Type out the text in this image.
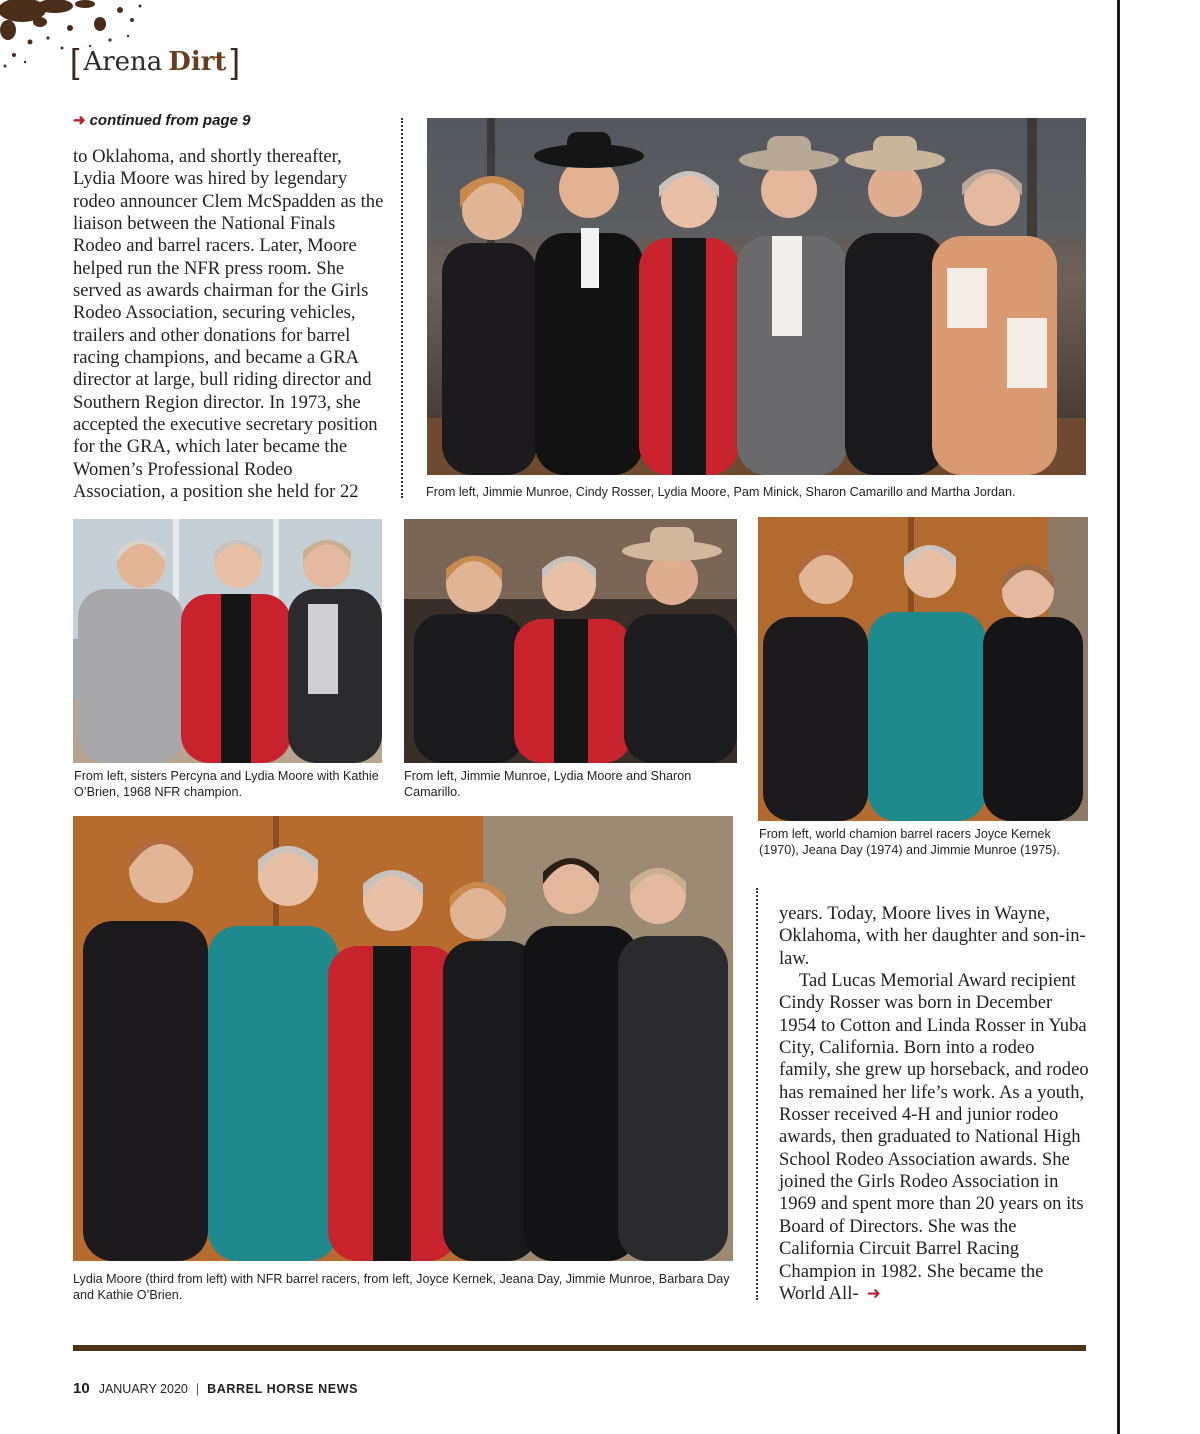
[ Arena Dirt ]
➜ continued from page 9

to Oklahoma, and shortly thereafter, Lydia Moore was hired by legendary rodeo announcer Clem McSpadden as the liaison between the National Finals Rodeo and barrel racers. Later, Moore helped run the NFR press room. She served as awards chairman for the Girls Rodeo Association, securing vehicles, trailers and other donations for barrel racing champions, and became a GRA director at large, bull riding director and Southern Region director. In 1973, she accepted the executive secretary position for the GRA, which later became the Women’s Professional Rodeo Association, a position she held for 22	From left, Jimmie Munroe, Cindy Rosser, Lydia Moore, Pam Minick, Sharon Camarillo and Martha Jordan.
From left, sisters Percyna and Lydia Moore with Kathie O’Brien, 1968 NFR champion.
From left, Jimmie Munroe, Lydia Moore and Sharon Camarillo.
From left, world chamion barrel racers Joyce Kernek (1970), Jeana Day (1974) and Jimmie Munroe (1975).
Lydia Moore (third from left) with NFR barrel racers, from left, Joyce Kernek, Jeana Day, Jimmie Munroe, Barbara Day and Kathie O’Brien.

years. Today, Moore lives in Wayne, Oklahoma, with her daughter and son-in-law.

Tad Lucas Memorial Award recipient Cindy Rosser was born in December 1954 to Cotton and Linda Rosser in Yuba City, California. Born into a rodeo family, she grew up horseback, and rodeo has remained her life’s work. As a youth, Rosser received 4-H and junior rodeo awards, then graduated to National High School Rodeo Association awards. She joined the Girls Rodeo Association in 1969 and spent more than 20 years on its Board of Directors. She was the California Circuit Barrel Racing Champion in 1982. She became the World All- ➜

10 JANUARY 2020 | BARREL HORSE NEWS
